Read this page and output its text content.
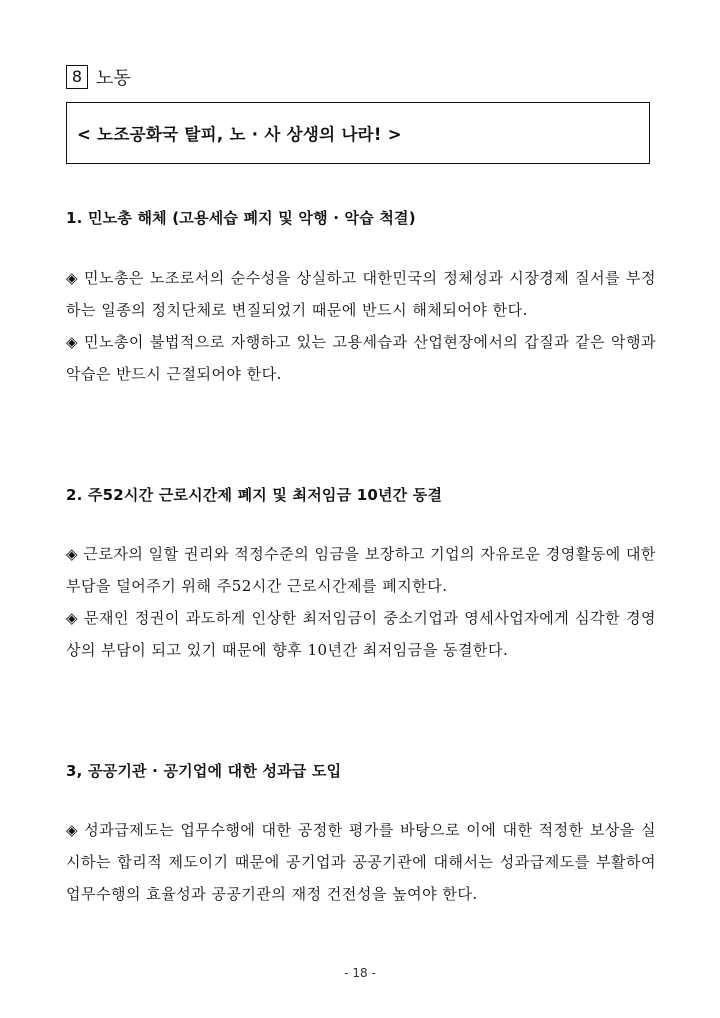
8 노동
< 노조공화국 탈피, 노 · 사 상생의 나라! >
1. 민노총 해체 (고용세습 폐지 및 악행 · 악습 척결)

◈ 민노총은 노조로서의 순수성을 상실하고 대한민국의 정체성과 시장경제 질서를 부정하는 일종의 정치단체로 변질되었기 때문에 반드시 해체되어야 한다.

◈ 민노총이 불법적으로 자행하고 있는 고용세습과 산업현장에서의 갑질과 같은 악행과 악습은 반드시 근절되어야 한다.

2. 주52시간 근로시간제 폐지 및 최저임금 10년간 동결

◈ 근로자의 일할 권리와 적정수준의 임금을 보장하고 기업의 자유로운 경영활동에 대한 부담을 덜어주기 위해 주52시간 근로시간제를 폐지한다.

◈ 문재인 정권이 과도하게 인상한 최저임금이 중소기업과 영세사업자에게 심각한 경영상의 부담이 되고 있기 때문에 향후 10년간 최저임금을 동결한다.

3, 공공기관 · 공기업에 대한 성과급 도입

◈ 성과급제도는 업무수행에 대한 공정한 평가를 바탕으로 이에 대한 적정한 보상을 실시하는 합리적 제도이기 때문에 공기업과 공공기관에 대해서는 성과급제도를 부활하여 업무수행의 효율성과 공공기관의 재정 건전성을 높여야 한다.

- 18 -
